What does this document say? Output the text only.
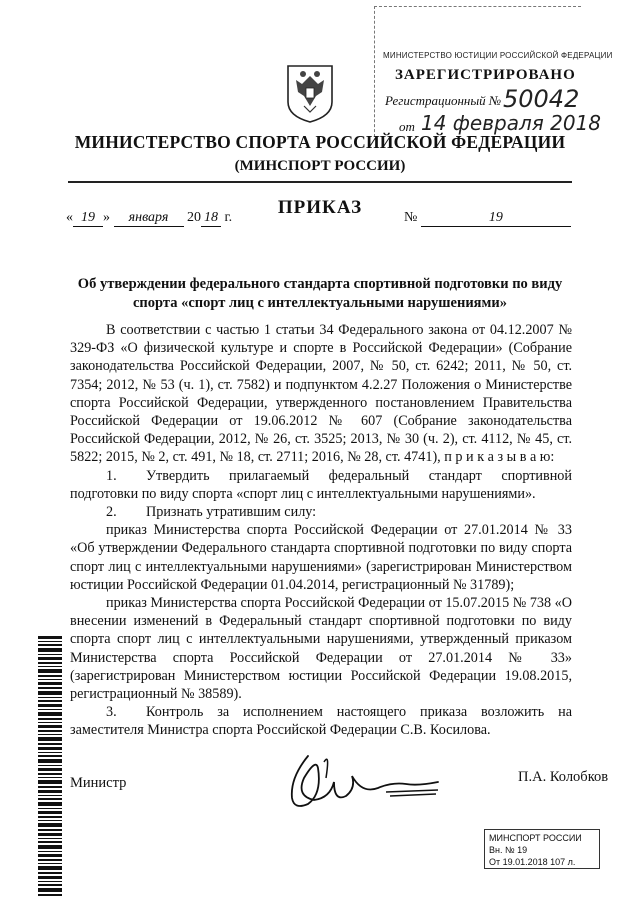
МИНИСТЕРСТВО ЮСТИЦИИ РОССИЙСКОЙ ФЕДЕРАЦИИ
ЗАРЕГИСТРИРОВАНО
Регистрационный № 50042
от 14 февраля 2018
МИНИСТЕРСТВО СПОРТА РОССИЙСКОЙ ФЕДЕРАЦИИ
(МИНСПОРТ РОССИИ)
ПРИКАЗ
« 19 » января 20 18 г.	№	19
Об утверждении федерального стандарта спортивной подготовки по виду спорта «спорт лиц с интеллектуальными нарушениями»

В соответствии с частью 1 статьи 34 Федерального закона от 04.12.2007 № 329-ФЗ «О физической культуре и спорте в Российской Федерации» (Собрание законодательства Российской Федерации, 2007, № 50, ст. 6242; 2011, № 50, ст. 7354; 2012, № 53 (ч. 1), ст. 7582) и подпунктом 4.2.27 Положения о Министерстве спорта Российской Федерации, утвержденного постановлением Правительства Российской Федерации от 19.06.2012 № 607 (Собрание законодательства Российской Федерации, 2012, № 26, ст. 3525; 2013, № 30 (ч. 2), ст. 4112, № 45, ст. 5822; 2015, № 2, ст. 491, № 18, ст. 2711; 2016, № 28, ст. 4741), п р и к а з ы в а ю:

1. Утвердить прилагаемый федеральный стандарт спортивной подготовки по виду спорта «спорт лиц с интеллектуальными нарушениями».

2. Признать утратившим силу:

приказ Министерства спорта Российской Федерации от 27.01.2014 № 33 «Об утверждении Федерального стандарта спортивной подготовки по виду спорта спорт лиц с интеллектуальными нарушениями» (зарегистрирован Министерством юстиции Российской Федерации 01.04.2014, регистрационный № 31789);

приказ Министерства спорта Российской Федерации от 15.07.2015 № 738 «О внесении изменений в Федеральный стандарт спортивной подготовки по виду спорта спорт лиц с интеллектуальными нарушениями, утвержденный приказом Министерства спорта Российской Федерации от 27.01.2014 № 33» (зарегистрирован Министерством юстиции Российской Федерации 19.08.2015, регистрационный № 38589).

3. Контроль за исполнением настоящего приказа возложить на заместителя Министра спорта Российской Федерации С.В. Косилова.

Министр	П.А. Колобков
МИНСПОРТ РОССИИ
Вн. № 19
От 19.01.2018 107 л.
